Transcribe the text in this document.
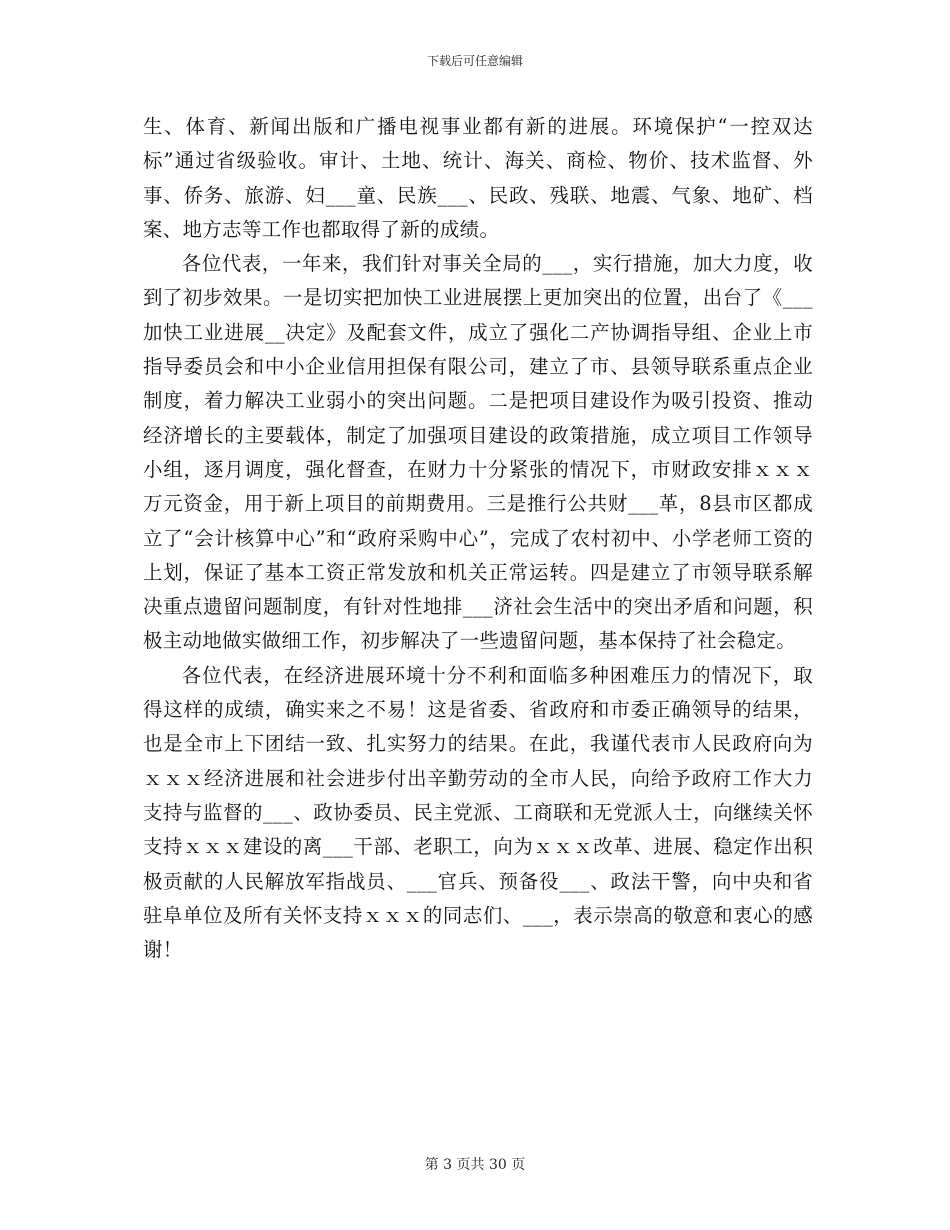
下载后可任意编辑

生、体育、新闻出版和广播电视事业都有新的进展。环境保护“一控双达标”通过省级验收。审计、土地、统计、海关、商检、物价、技术监督、外事、侨务、旅游、妇___童、民族___、民政、残联、地震、气象、地矿、档案、地方志等工作也都取得了新的成绩。

各位代表，一年来，我们针对事关全局的___，实行措施，加大力度，收到了初步效果。一是切实把加快工业进展摆上更加突出的位置，出台了《___加快工业进展__决定》及配套文件，成立了强化二产协调指导组、企业上市指导委员会和中小企业信用担保有限公司，建立了市、县领导联系重点企业制度，着力解决工业弱小的突出问题。二是把项目建设作为吸引投资、推动经济增长的主要载体，制定了加强项目建设的政策措施，成立项目工作领导小组，逐月调度，强化督查，在财力十分紧张的情况下，市财政安排ｘｘｘ万元资金，用于新上项目的前期费用。三是推行公共财___革，8县市区都成立了“会计核算中心”和“政府采购中心”，完成了农村初中、小学老师工资的上划，保证了基本工资正常发放和机关正常运转。四是建立了市领导联系解决重点遗留问题制度，有针对性地排___济社会生活中的突出矛盾和问题，积极主动地做实做细工作，初步解决了一些遗留问题，基本保持了社会稳定。

各位代表，在经济进展环境十分不利和面临多种困难压力的情况下，取得这样的成绩，确实来之不易！这是省委、省政府和市委正确领导的结果，也是全市上下团结一致、扎实努力的结果。在此，我谨代表市人民政府向为ｘｘｘ经济进展和社会进步付出辛勤劳动的全市人民，向给予政府工作大力支持与监督的___、政协委员、民主党派、工商联和无党派人士，向继续关怀支持ｘｘｘ建设的离___干部、老职工，向为ｘｘｘ改革、进展、稳定作出积极贡献的人民解放军指战员、___官兵、预备役___、政法干警，向中央和省驻阜单位及所有关怀支持ｘｘｘ的同志们、___，表示崇高的敬意和衷心的感谢！

第 3 页共 30 页
